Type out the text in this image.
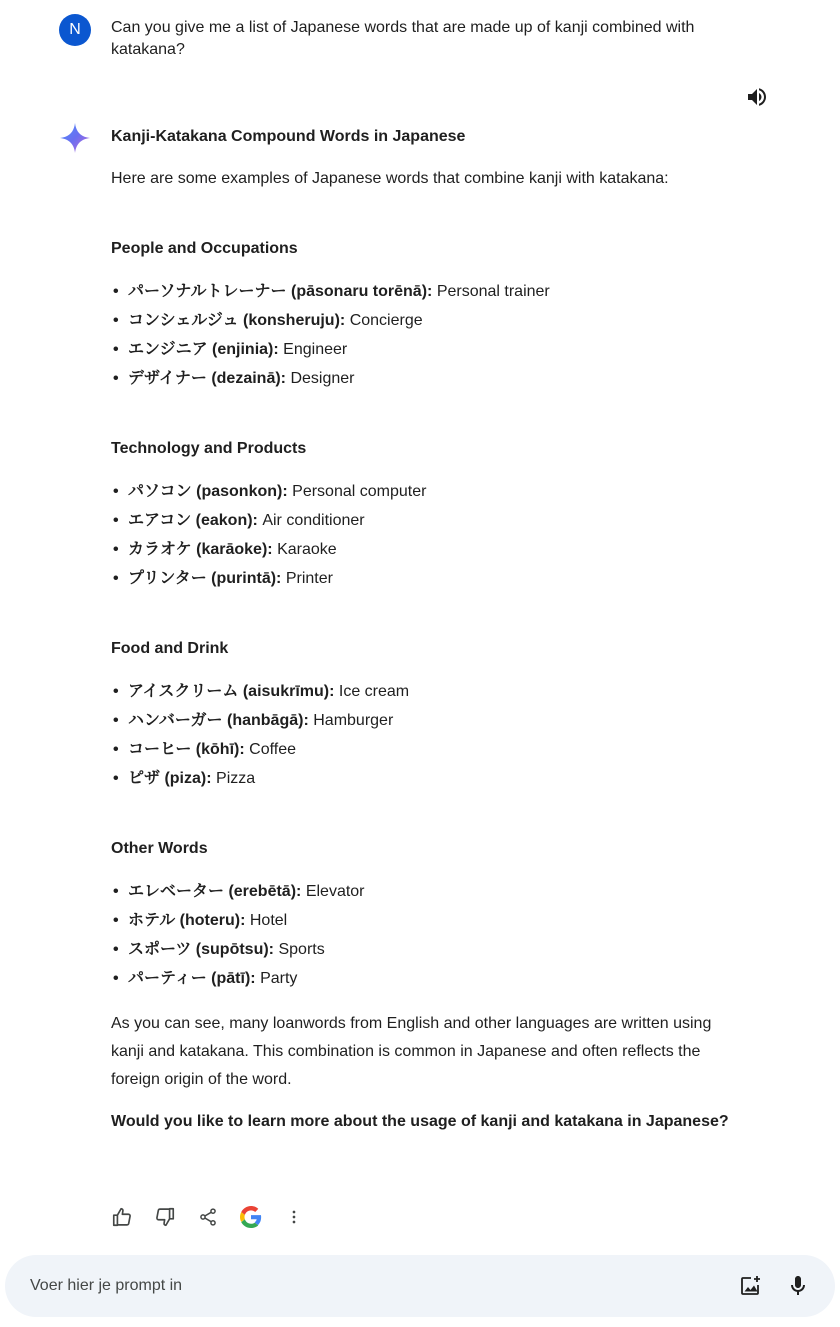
N	Can you give me a list of Japanese words that are made up of kanji combined with katakana?
Kanji-Katakana Compound Words in Japanese
Here are some examples of Japanese words that combine kanji with katakana:
People and Occupations
• パーソナルトレーナー (pāsonaru torēnā): Personal trainer
• コンシェルジュ (konsheruju): Concierge
• エンジニア (enjinia): Engineer
• デザイナー (dezainā): Designer
Technology and Products
• パソコン (pasonkon): Personal computer
• エアコン (eakon): Air conditioner
• カラオケ (karāoke): Karaoke
• プリンター (purintā): Printer
Food and Drink
• アイスクリーム (aisukrīmu): Ice cream
• ハンバーガー (hanbāgā): Hamburger
• コーヒー (kōhī): Coffee
• ピザ (piza): Pizza
Other Words
• エレベーター (erebētā): Elevator
• ホテル (hoteru): Hotel
• スポーツ (supōtsu): Sports
• パーティー (pātī): Party
As you can see, many loanwords from English and other languages are written using kanji and katakana. This combination is common in Japanese and often reflects the foreign origin of the word.
Would you like to learn more about the usage of kanji and katakana in Japanese?
Voer hier je prompt in
